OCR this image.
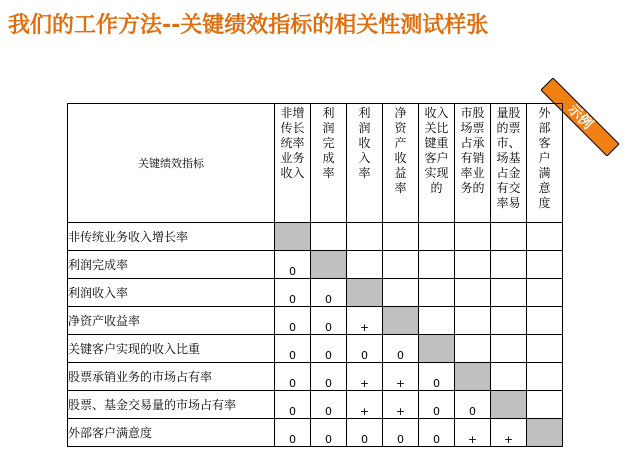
我们的工作方法--关键绩效指标的相关性测试样张
示例
关键绩效指标	非增传长统率业务收入	利润完成率	利润收入率	净资产收益率	收入关比键重客户实现的	市股场票占承有销率业务的	量股的票市、场基占金有交率易	外部客户满意度

非传统业务收入增长率								
利润完成率	0							
利润收入率	0	0						
净资产收益率	0	0	+					
关键客户实现的收入比重	0	0	0	0				
股票承销业务的市场占有率	0	0	+	+	0			
股票、基金交易量的市场占有率	0	0	+	+	0	0		
外部客户满意度	0	0	0	0	0	+	+	
